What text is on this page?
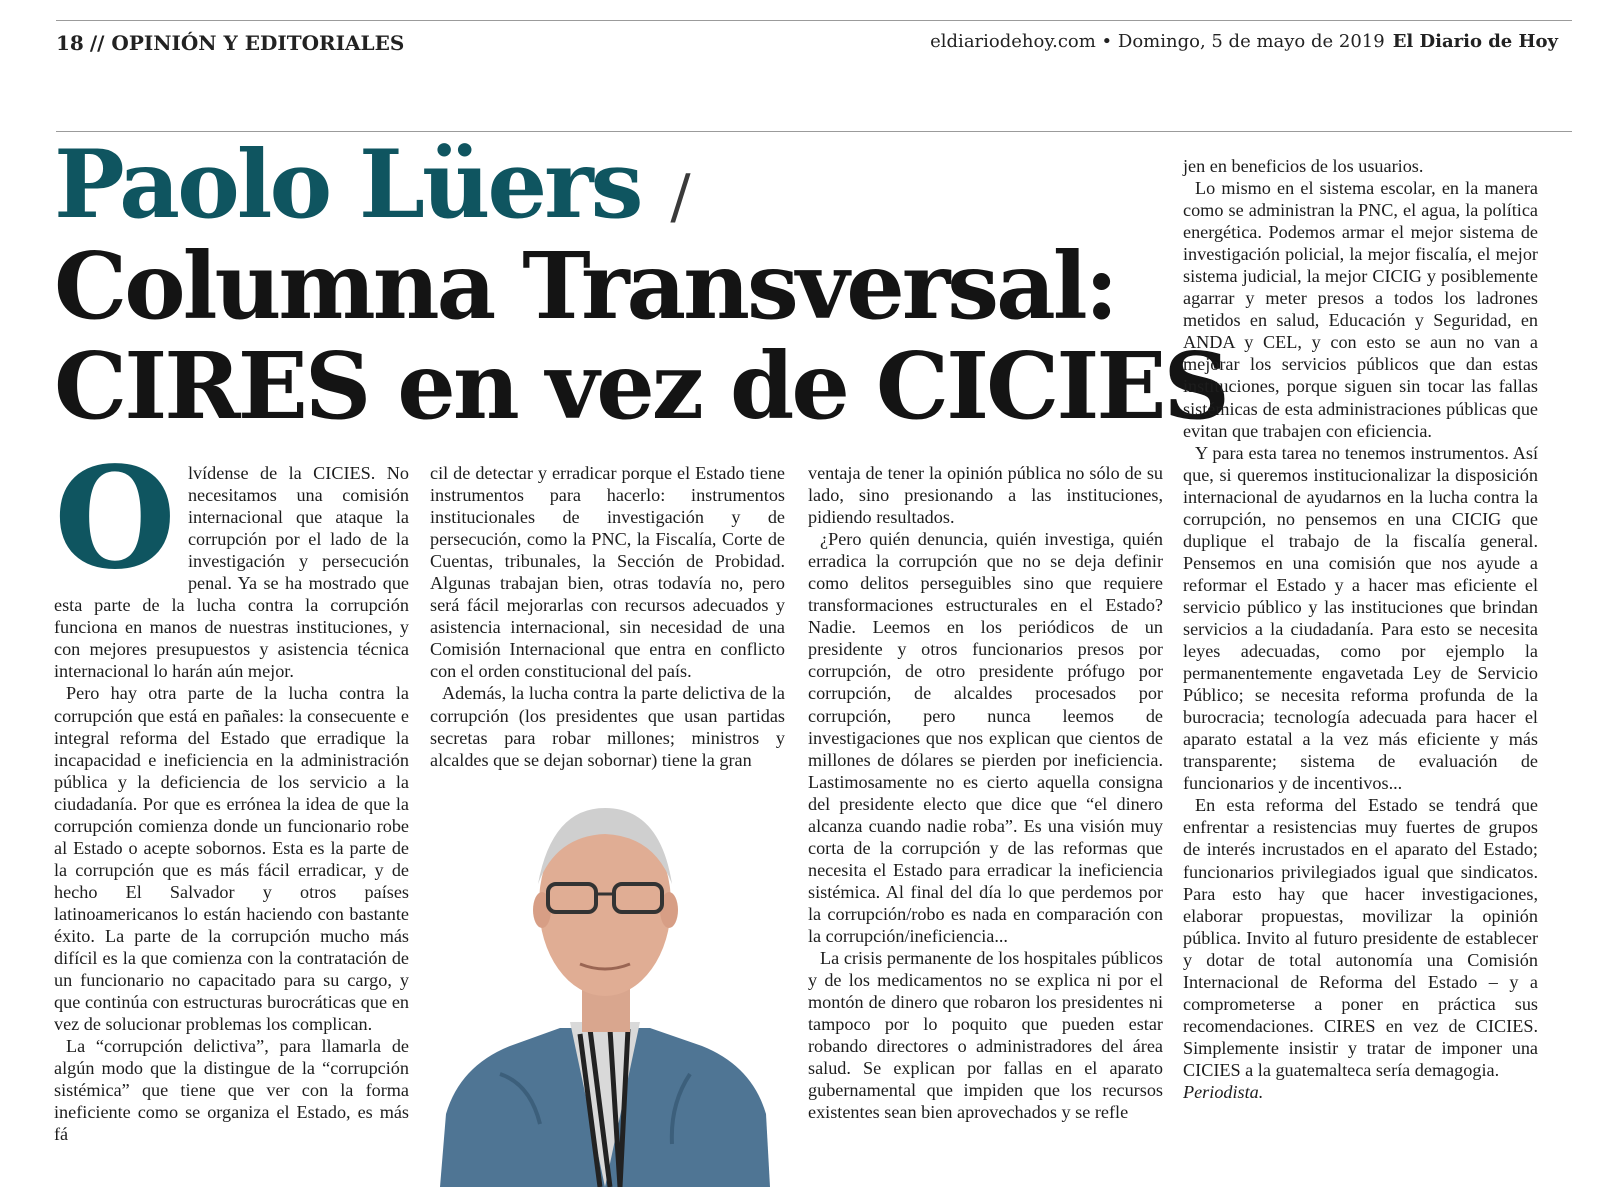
18 // OPINIÓN Y EDITORIALES	eldiariodehoy.com • Domingo, 5 de mayo de 2019 El Diario de Hoy
Paolo Lüers /
Columna Transversal:
CIRES en vez de CICIES
O lvídense de la CICIES. No necesitamos una comisión internacional que ataque la corrupción por el lado de la investigación y persecución penal. Ya se ha mostrado que esta parte de la lucha contra la corrupción funciona en manos de nuestras instituciones, y con mejores presupuestos y asistencia técnica internacional lo harán aún mejor.

Pero hay otra parte de la lucha contra la corrupción que está en pañales: la consecuente e integral reforma del Estado que erradique la incapacidad e ineficiencia en la administración pública y la deficiencia de los servicio a la ciudadanía. Por que es errónea la idea de que la corrupción comienza donde un funcionario robe al Estado o acepte sobornos. Esta es la parte de la corrupción que es más fácil erradicar, y de hecho El Salvador y otros países latinoamericanos lo están haciendo con bastante éxito. La parte de la corrupción mucho más difícil es la que comienza con la contratación de un funcionario no capacitado para su cargo, y que continúa con estructuras burocráticas que en vez de solucionar problemas los complican.

La “corrupción delictiva”, para llamarla de algún modo que la distingue de la “corrupción sistémica” que tiene que ver con la forma ineficiente como se organiza el Estado, es más fá

cil de detectar y erradicar porque el Estado tiene instrumentos para hacerlo: instrumentos institucionales de investigación y de persecución, como la PNC, la Fiscalía, Corte de Cuentas, tribunales, la Sección de Probidad. Algunas trabajan bien, otras todavía no, pero será fácil mejorarlas con recursos adecuados y asistencia internacional, sin necesidad de una Comisión Internacional que entra en conflicto con el orden constitucional del país.

Además, la lucha contra la parte delictiva de la corrupción (los presidentes que usan partidas secretas para robar millones; ministros y alcaldes que se dejan sobornar) tiene la gran

ventaja de tener la opinión pública no sólo de su lado, sino presionando a las instituciones, pidiendo resultados.

¿Pero quién denuncia, quién investiga, quién erradica la corrupción que no se deja definir como delitos perseguibles sino que requiere transformaciones estructurales en el Estado? Nadie. Leemos en los periódicos de un presidente y otros funcionarios presos por corrupción, de otro presidente prófugo por corrupción, de alcaldes procesados por corrupción, pero nunca leemos de investigaciones que nos explican que cientos de millones de dólares se pierden por ineficiencia. Lastimosamente no es cierto aquella consigna del presidente electo que dice que “el dinero alcanza cuando nadie roba”. Es una visión muy corta de la corrupción y de las reformas que necesita el Estado para erradicar la ineficiencia sistémica. Al final del día lo que perdemos por la corrupción/robo es nada en comparación con la corrupción/ineficiencia...

La crisis permanente de los hospitales públicos y de los medicamentos no se explica ni por el montón de dinero que robaron los presidentes ni tampoco por lo poquito que pueden estar robando directores o administradores del área salud. Se explican por fallas en el aparato gubernamental que impiden que los recursos existentes sean bien aprovechados y se refle

jen en beneficios de los usuarios.

Lo mismo en el sistema escolar, en la manera como se administran la PNC, el agua, la política energética. Podemos armar el mejor sistema de investigación policial, la mejor fiscalía, el mejor sistema judicial, la mejor CICIG y posiblemente agarrar y meter presos a todos los ladrones metidos en salud, Educación y Seguridad, en ANDA y CEL, y con esto se aun no van a mejorar los servicios públicos que dan estas instituciones, porque siguen sin tocar las fallas sistémicas de esta administraciones públicas que evitan que trabajen con eficiencia.

Y para esta tarea no tenemos instrumentos. Así que, si queremos institucionalizar la disposición internacional de ayudarnos en la lucha contra la corrupción, no pensemos en una CICIG que duplique el trabajo de la fiscalía general. Pensemos en una comisión que nos ayude a reformar el Estado y a hacer mas eficiente el servicio público y las instituciones que brindan servicios a la ciudadanía. Para esto se necesita leyes adecuadas, como por ejemplo la permanentemente engavetada Ley de Servicio Público; se necesita reforma profunda de la burocracia; tecnología adecuada para hacer el aparato estatal a la vez más eficiente y más transparente; sistema de evaluación de funcionarios y de incentivos...

En esta reforma del Estado se tendrá que enfrentar a resistencias muy fuertes de grupos de interés incrustados en el aparato del Estado; funcionarios privilegiados igual que sindicatos. Para esto hay que hacer investigaciones, elaborar propuestas, movilizar la opinión pública. Invito al futuro presidente de establecer y dotar de total autonomía una Comisión Internacional de Reforma del Estado – y a comprometerse a poner en práctica sus recomendaciones. CIRES en vez de CICIES. Simplemente insistir y tratar de imponer una CICIES a la guatemalteca sería demagogia.

Periodista.
